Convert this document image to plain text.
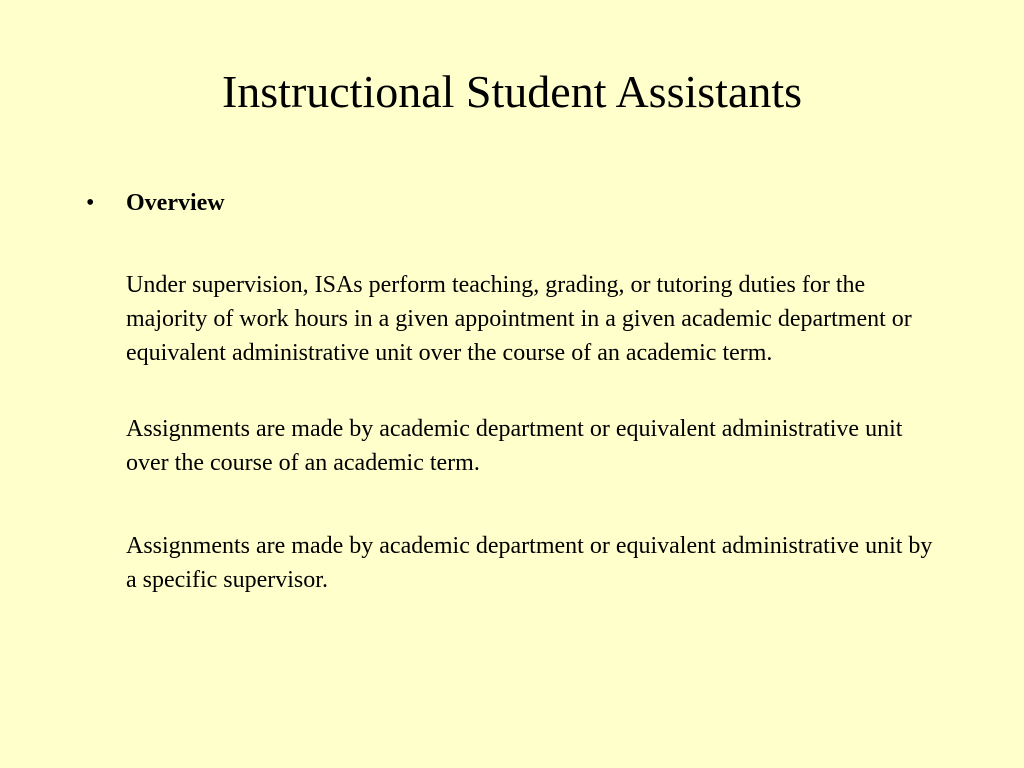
Instructional Student Assistants
•	Overview

Under supervision, ISAs perform teaching, grading, or tutoring duties for the majority of work hours in a given appointment in a given academic department or equivalent administrative unit over the course of an academic term.

Assignments are made by academic department or equivalent administrative unit over the course of an academic term.

Assignments are made by academic department or equivalent administrative unit by a specific supervisor.
